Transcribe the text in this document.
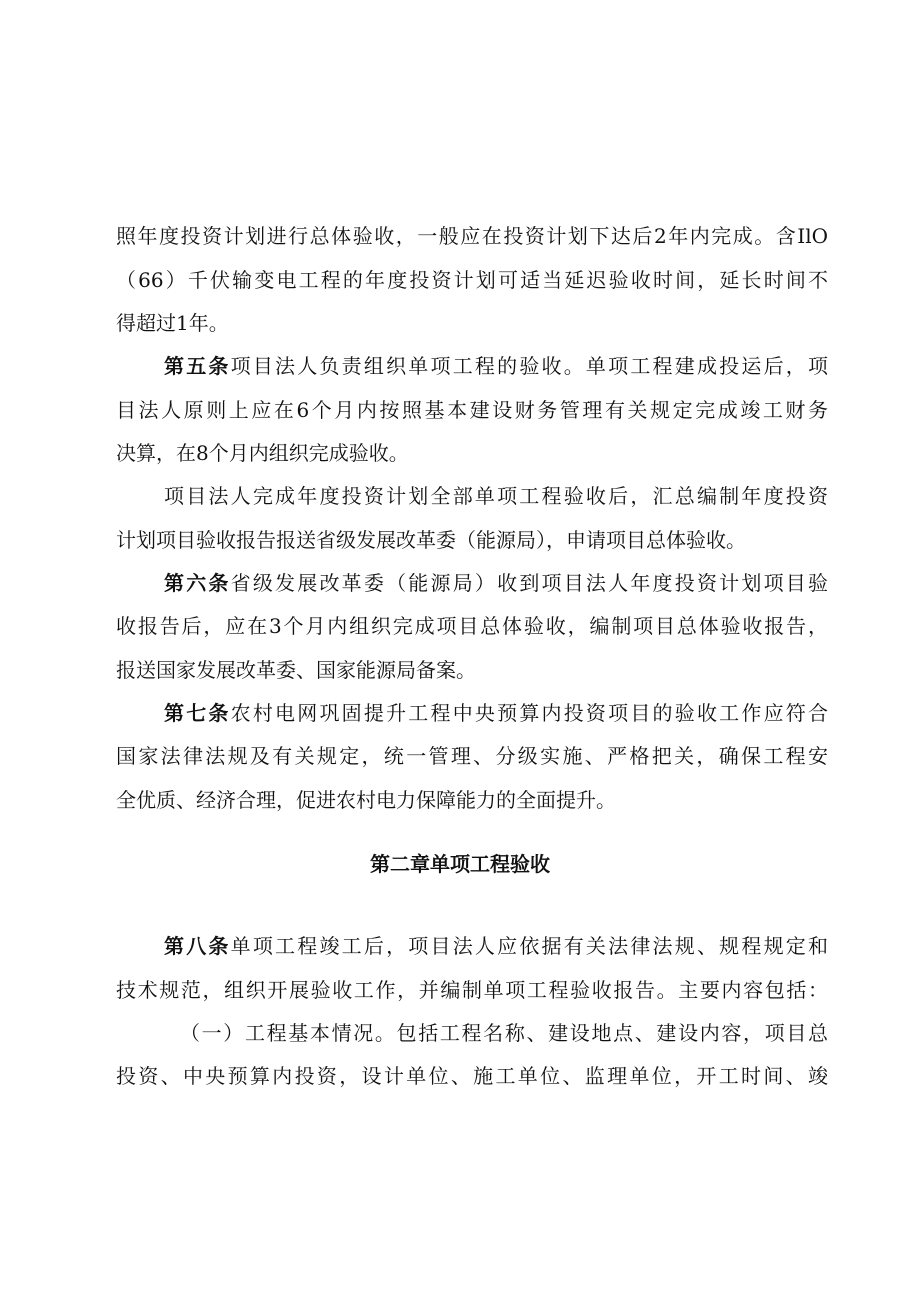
照年度投资计划进行总体验收，一般应在投资计划下达后2年内完成。含IlO
（66）千伏输变电工程的年度投资计划可适当延迟验收时间，延长时间不
得超过1年。
第五条项目法人负责组织单项工程的验收。单项工程建成投运后，项
目法人原则上应在6个月内按照基本建设财务管理有关规定完成竣工财务
决算，在8个月内组织完成验收。
项目法人完成年度投资计划全部单项工程验收后，汇总编制年度投资
计划项目验收报告报送省级发展改革委（能源局），申请项目总体验收。
第六条省级发展改革委（能源局）收到项目法人年度投资计划项目验
收报告后，应在3个月内组织完成项目总体验收，编制项目总体验收报告，
报送国家发展改革委、国家能源局备案。
第七条农村电网巩固提升工程中央预算内投资项目的验收工作应符合
国家法律法规及有关规定，统一管理、分级实施、严格把关，确保工程安
全优质、经济合理，促进农村电力保障能力的全面提升。
第二章单项工程验收
第八条单项工程竣工后，项目法人应依据有关法律法规、规程规定和
技术规范，组织开展验收工作，并编制单项工程验收报告。主要内容包括：
（一）工程基本情况。包括工程名称、建设地点、建设内容，项目总
投资、中央预算内投资，设计单位、施工单位、监理单位，开工时间、竣
